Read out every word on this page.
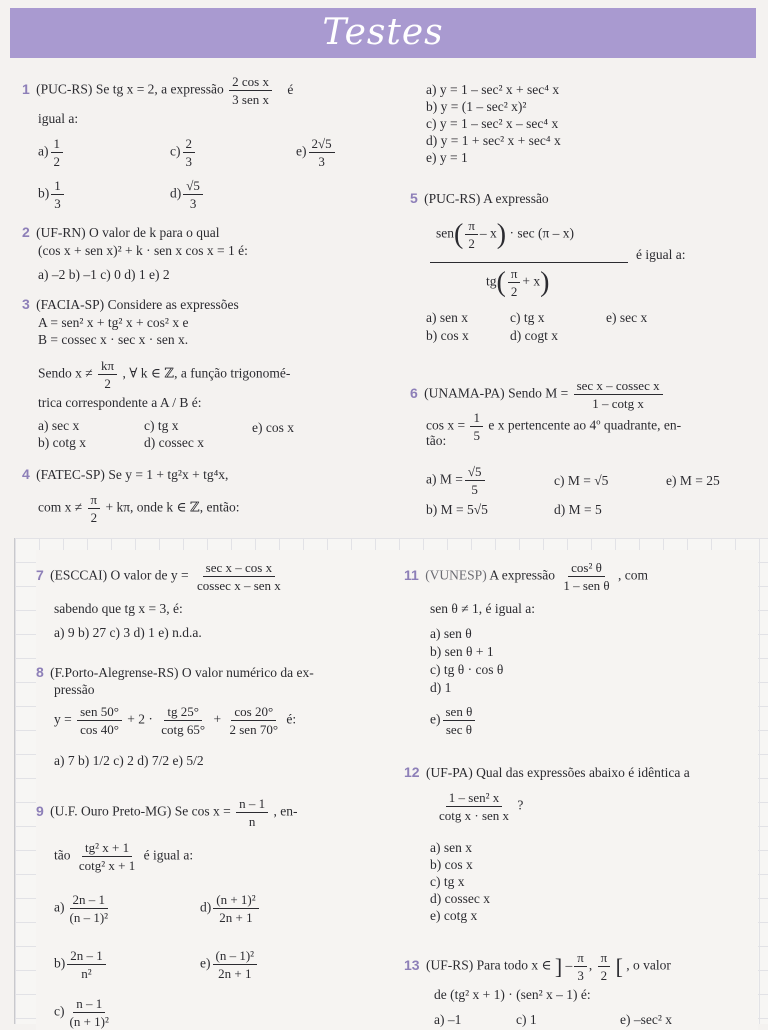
Testes
1 (PUC-RS) Se tg x = 2, a expressão $\frac{\text{2 cos x}}{\text{3 sen x}}$ é
igual a:
$a) \frac{1}{2}$
$b) \frac{1}{3}$
$c) \frac{2}{3}$
$d) \frac{√5}{3}$
$e) \frac{2√5}{3}$
2 (UF-RN) O valor de k para o qual
(cos x + sen x)² + k · sen x cos x = 1 é:
a) –2 b) –1 c) 0 d) 1 e) 2
3 (FACIA-SP) Considere as expressões
A = sen² x + tg² x + cos² x e
B = cossec x · sec x · sen x.
Sendo $x \ne \frac{k\pi}{2}$ , ∀ k ∈ ℤ, a função trigonomé-
trica correspondente a A / B é:
a) sec x
b) cotg x
c) tg x
d) cossec x
e) cos x
4 (FATEC-SP) Se y = 1 + tg²x + tg⁴x,
com $x \ne \frac{\pi}{2} + k\pi$, onde k ∈ ℤ, então:
a) y = 1 – sec² x + sec⁴ x
b) y = (1 – sec² x)²
c) y = 1 – sec² x – sec⁴ x
d) y = 1 + sec² x + sec⁴ x
e) y = 1
5 (PUC-RS) A expressão
$sen( \frac{\pi}{2} - x) \cdot \sec (\pi - x)$
é igual a:
$tg( \frac{\pi}{2} + x)$
a) sen x
b) cos x
c) tg x
d) cogt x
e) sec x
6 (UNAMA-PA) Sendo $M = \frac{\text{sec x – cossec x}}{\text{1 – cotg x}}$
$\cos x = \frac{1}{5}$ e x pertencente ao 4º quadrante, en-
tão:
a) $M = \frac{√5}{5}$
b) M = 5√5
c) M = √5
d) M = 5
e) M = 25
7 (ESCCAI) O valor de $y = \frac{\text{sec x – cos x}}{\text{cossec x – sen x}}$
sabendo que tg x = 3, é:
a) 9 b) 27 c) 3 d) 1 e) n.d.a.
8 (F.Porto-Alegrense-RS) O valor numérico da ex-
pressão
$y = \frac{\text{sen 50°}}{\cos 40^\circ} + 2 \cdot \frac{tg 25^\circ}{\cot g 65^\circ} + \frac{\cos 20^\circ}{\text{2 sen 70°}}$ é:
a) 7 b) 1/2 c) 2 d) 7/2 e) 5/2
9 (U.F. Ouro Preto-MG) Se $\cos x = \frac{n - 1}{n}$ , en-
tão $\frac{\text{tg² x + 1}}{\text{cotg² x + 1}}$ é igual a:
$a) \frac{2n - 1}{\text{(n – 1)²}}$
$b) \frac{2n - 1}{\text{n²}}$
$c) \frac{n - 1}{\text{(n + 1)²}}$
$d) \frac{\text{(n + 1)²}}{2n + 1}$
$e) \frac{\text{(n – 1)²}}{2n + 1}$
11 (VUNESP) A expressão $\frac{\text{cos² θ}}{\text{1 – sen θ}}$ , com
sen θ ≠ 1, é igual a:
a) sen θ
b) sen θ + 1
c) tg θ · cos θ
d) 1
$e) \frac{\text{sen θ}}{\text{sec θ}}$
12 (UF-PA) Qual das expressões abaixo é idêntica a
$\frac{\text{1 – sen² x}}{\text{cotg x · sen x}}$ ?
a) sen x
b) cos x
c) tg x
d) cossec x
e) cotg x
13 (UF-RS) Para todo x ∈ ] – $\frac{\pi}{3}$ , $\frac{\pi}{2}$ [ , o valor
de (tg² x + 1) · (sen² x – 1) é:
a) –1	c) 1	e) –sec² x
